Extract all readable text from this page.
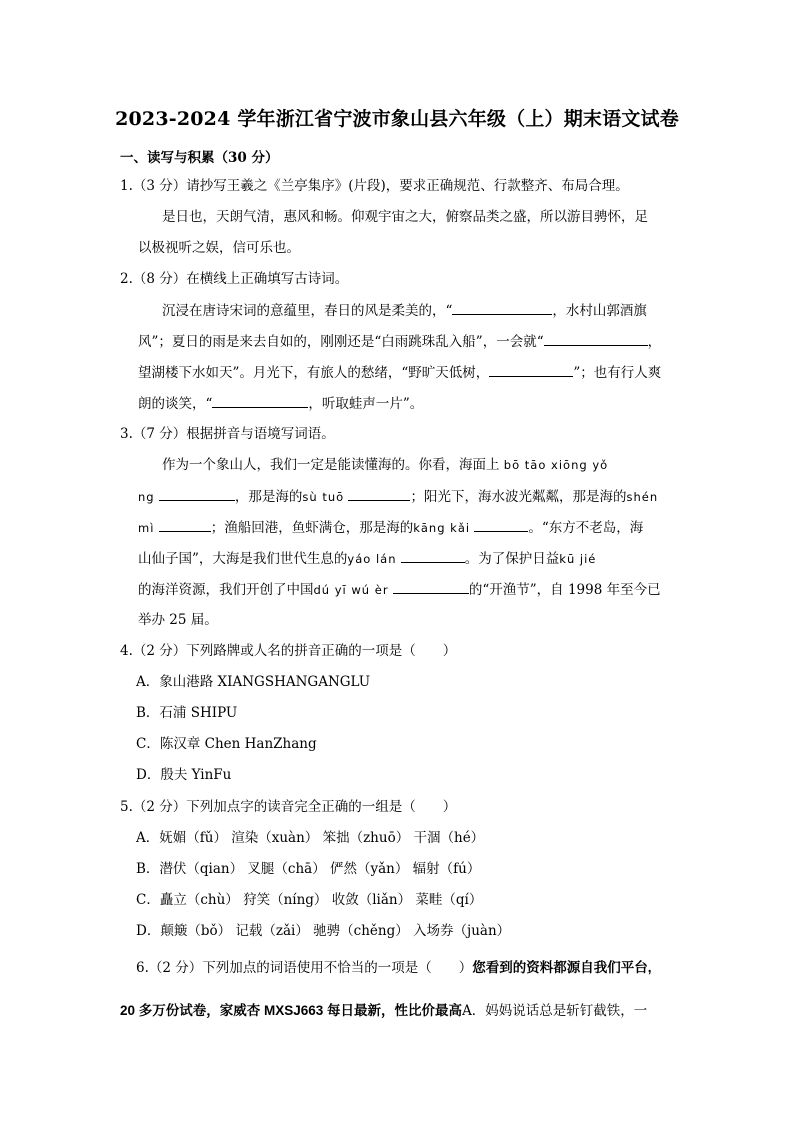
2023-2024 学年浙江省宁波市象山县六年级（上）期末语文试卷
一、读写与积累（30 分）
1.（3 分）请抄写王羲之《兰亭集序》(片段)，要求正确规范、行款整齐、布局合理。
是日也，天朗气清，惠风和畅。仰观宇宙之大，俯察品类之盛，所以游目骋怀，足
以极视听之娱，信可乐也。
2.（8 分）在横线上正确填写古诗词。
沉浸在唐诗宋词的意蕴里，春日的风是柔美的，“	，水村山郭酒旗
风”；夏日的雨是来去自如的，刚刚还是“白雨跳珠乱入船”，一会就“	，
望湖楼下水如天”。月光下，有旅人的愁绪，“野旷天低树，	”；也有行人爽
朗的谈笑，“	，听取蛙声一片”。
3.（7 分）根据拼音与语境写词语。
作为一个象山人，我们一定是能读懂海的。你看，海面上 bō tāo xiōng yǒ
ng	，那是海的sù tuō	；阳光下，海水波光粼粼，那是海的shén
mì	；渔船回港，鱼虾满仓，那是海的kāng kǎi	。“东方不老岛，海
山仙子国”，大海是我们世代生息的yáo lán	。为了保护日益kū jié
的海洋资源，我们开创了中国dú yī wú èr	的“开渔节”，自 1998 年至今已
举办 25 届。
4.（2 分）下列路牌或人名的拼音正确的一项是（　　）
A．象山港路 XIANGSHANGANGLU
B．石浦 SHIPU
C．陈汉章 Chen HanZhang
D．殷夫 YinFu
5.（2 分）下列加点字的读音完全正确的一组是（　　）
A．妩媚（fǔ） 渲染（xuàn） 笨拙（zhuō） 干涸（hé）
B．潜伏（qian） 叉腿（chā） 俨然（yǎn） 辐射（fú）
C．矗立（chù） 狩笑（níng） 收敛（liǎn） 菜畦（qí）
D．颠簸（bǒ） 记载（zǎi） 驰骋（chěng） 入场券（juàn）
6.（2 分）下列加点的词语使用不恰当的一项是（　　）您看到的资料都源自我们平台,
20 多万份试卷，家威杏 MXSJ663 每日最新，性比价最高A．妈妈说话总是斩钉截铁，一
